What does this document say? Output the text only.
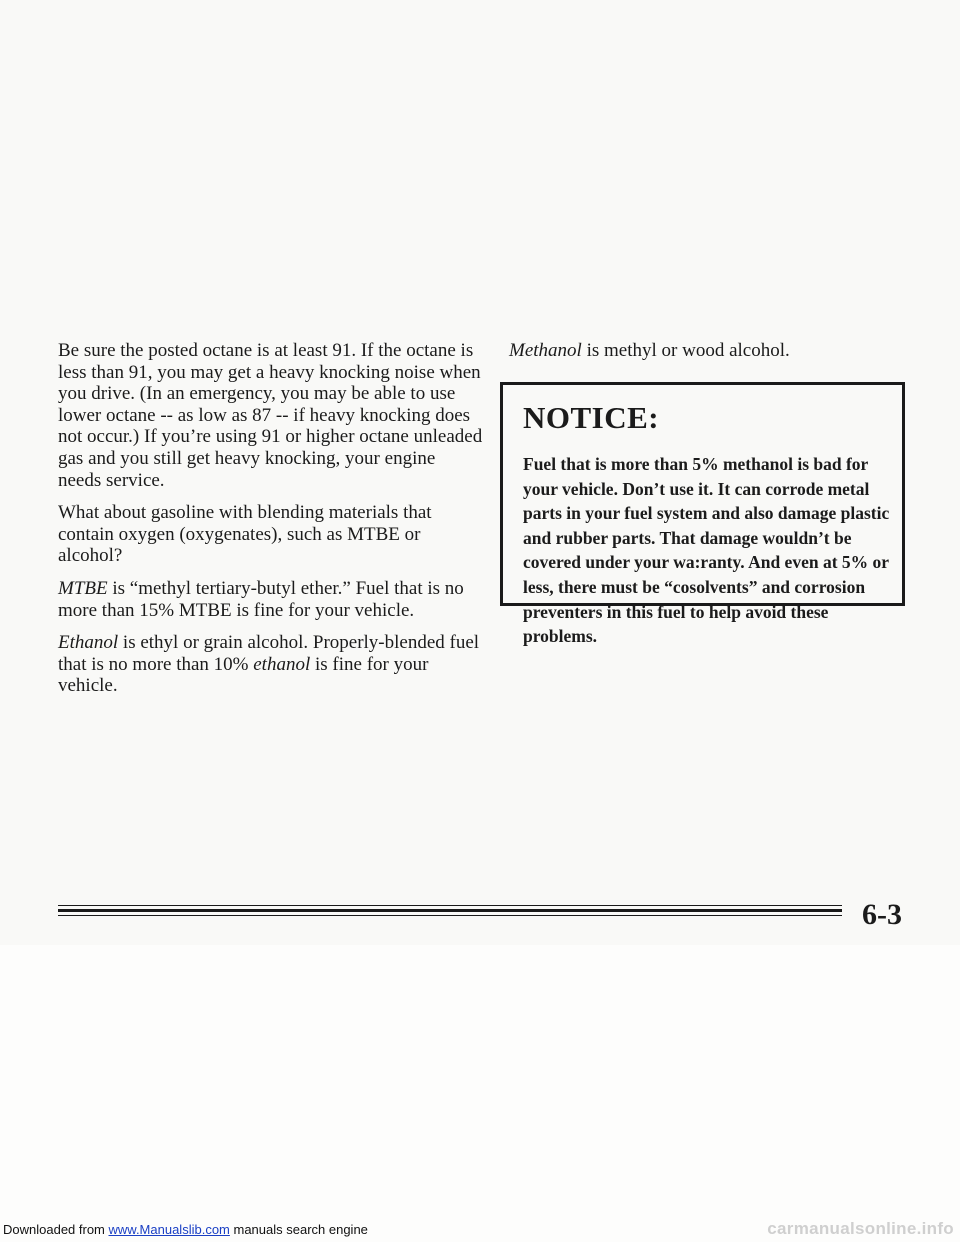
Be sure the posted octane is at least 91. If the octane is less than 91, you may get a heavy knocking noise when you drive. (In an emergency, you may be able to use lower octane -- as low as 87 -- if heavy knocking does not occur.) If you’re using 91 or higher octane unleaded gas and you still get heavy knocking, your engine needs service.

What about gasoline with blending materials that contain oxygen (oxygenates), such as MTBE or alcohol?

MTBE is “methyl tertiary-butyl ether.” Fuel that is no more than 15% MTBE is fine for your vehicle.

Ethanol is ethyl or grain alcohol. Properly-blended fuel that is no more than 10% ethanol is fine for your vehicle.

Methanol is methyl or wood alcohol.

NOTICE:
Fuel that is more than 5% methanol is bad for your vehicle. Don’t use it. It can corrode metal parts in your fuel system and also damage plastic and rubber parts. That damage wouldn’t be covered under your wa:ranty. And even at 5% or less, there must be “cosolvents” and corrosion preventers in this fuel to help avoid these problems.
6-3
Downloaded from www.Manualslib.com manuals search engine	carmanualsonline.info
